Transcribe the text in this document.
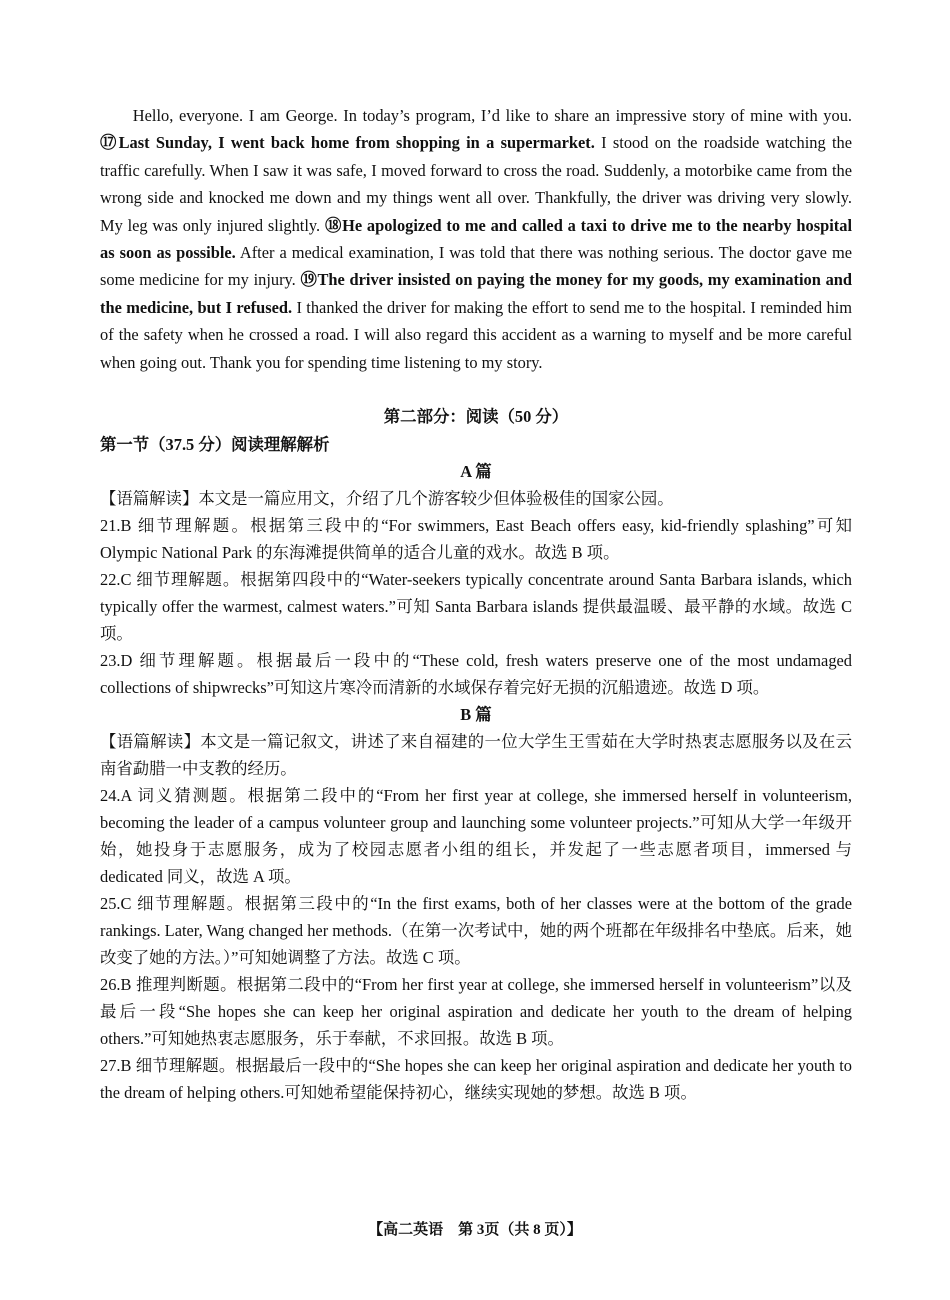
Hello, everyone. I am George. In today’s program, I’d like to share an impressive story of mine with you. ⑰Last Sunday, I went back home from shopping in a supermarket. I stood on the roadside watching the traffic carefully. When I saw it was safe, I moved forward to cross the road. Suddenly, a motorbike came from the wrong side and knocked me down and my things went all over. Thankfully, the driver was driving very slowly. My leg was only injured slightly. ⑱He apologized to me and called a taxi to drive me to the nearby hospital as soon as possible. After a medical examination, I was told that there was nothing serious. The doctor gave me some medicine for my injury. ⑲The driver insisted on paying the money for my goods, my examination and the medicine, but I refused. I thanked the driver for making the effort to send me to the hospital. I reminded him of the safety when he crossed a road. I will also regard this accident as a warning to myself and be more careful when going out. Thank you for spending time listening to my story.

第二部分：阅读（50 分）
第一节（37.5 分）阅读理解解析
A 篇

【语篇解读】本文是一篇应用文，介绍了几个游客较少但体验极佳的国家公园。

21.B 细节理解题。根据第三段中的“For swimmers, East Beach offers easy, kid-friendly splashing”可知 Olympic National Park 的东海滩提供简单的适合儿童的戏水。故选 B 项。

22.C 细节理解题。根据第四段中的“Water-seekers typically concentrate around Santa Barbara islands, which typically offer the warmest, calmest waters.”可知 Santa Barbara islands 提供最温暖、最平静的水域。故选 C 项。

23.D 细节理解题。根据最后一段中的“These cold, fresh waters preserve one of the most undamaged collections of shipwrecks”可知这片寒冷而清新的水域保存着完好无损的沉船遗迹。故选 D 项。

B 篇

【语篇解读】本文是一篇记叙文，讲述了来自福建的一位大学生王雪茹在大学时热衷志愿服务以及在云南省勐腊一中支教的经历。

24.A 词义猜测题。根据第二段中的“From her first year at college, she immersed herself in volunteerism, becoming the leader of a campus volunteer group and launching some volunteer projects.”可知从大学一年级开始，她投身于志愿服务，成为了校园志愿者小组的组长，并发起了一些志愿者项目，immersed 与 dedicated 同义，故选 A 项。

25.C 细节理解题。根据第三段中的“In the first exams, both of her classes were at the bottom of the grade rankings. Later, Wang changed her methods.（在第一次考试中，她的两个班都在年级排名中垫底。后来，她改变了她的方法。）”可知她调整了方法。故选 C 项。

26.B 推理判断题。根据第二段中的“From her first year at college, she immersed herself in volunteerism”以及最后一段“She hopes she can keep her original aspiration and dedicate her youth to the dream of helping others.”可知她热衷志愿服务，乐于奉献，不求回报。故选 B 项。

27.B 细节理解题。根据最后一段中的“She hopes she can keep her original aspiration and dedicate her youth to the dream of helping others.可知她希望能保持初心，继续实现她的梦想。故选 B 项。

【高二英语　第 3页（共 8 页）】
